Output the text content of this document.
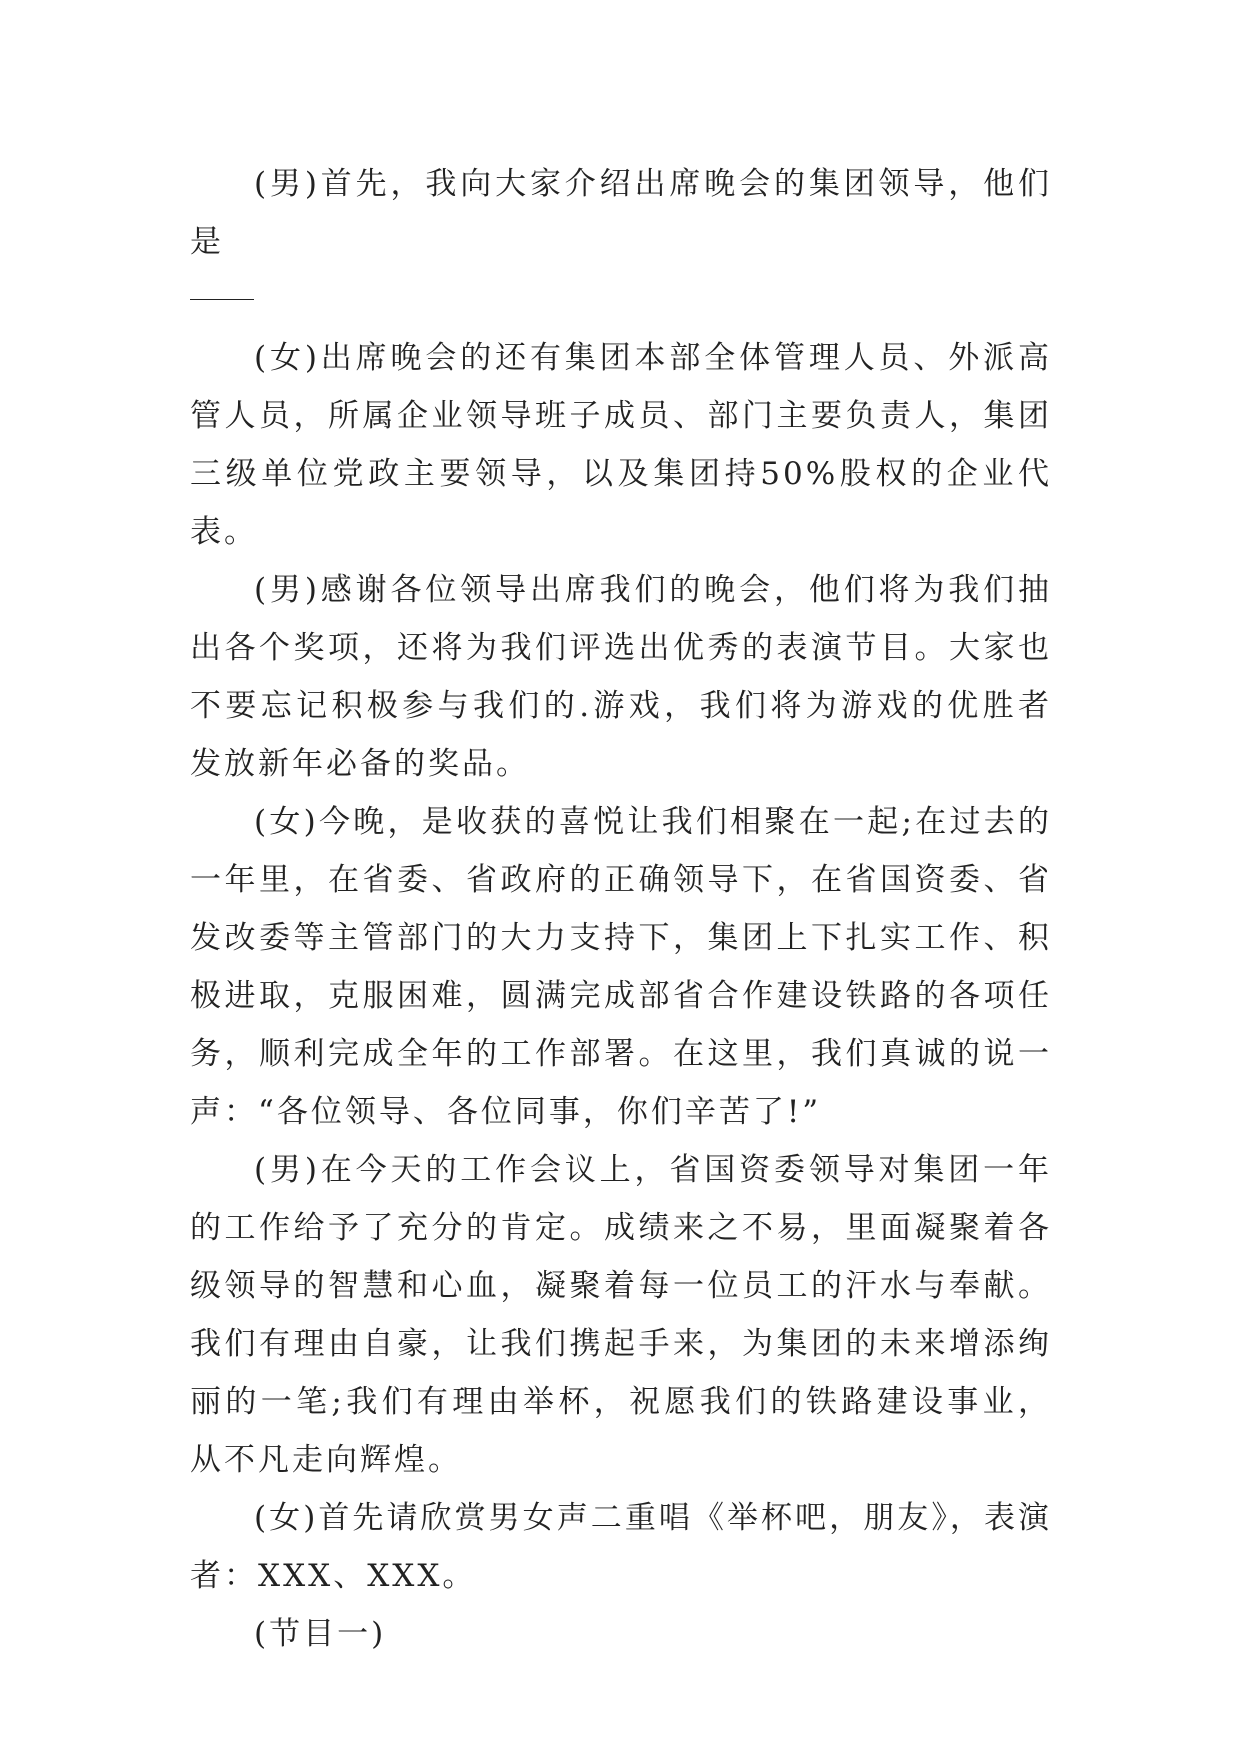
(男)首先，我向大家介绍出席晚会的集团领导，他们是

(女)出席晚会的还有集团本部全体管理人员、外派高管人员，所属企业领导班子成员、部门主要负责人，集团三级单位党政主要领导，以及集团持50%股权的企业代表。

(男)感谢各位领导出席我们的晚会，他们将为我们抽出各个奖项，还将为我们评选出优秀的表演节目。大家也不要忘记积极参与我们的.游戏，我们将为游戏的优胜者发放新年必备的奖品。

(女)今晚，是收获的喜悦让我们相聚在一起;在过去的一年里，在省委、省政府的正确领导下，在省国资委、省发改委等主管部门的大力支持下，集团上下扎实工作、积极进取，克服困难，圆满完成部省合作建设铁路的各项任务，顺利完成全年的工作部署。在这里，我们真诚的说一声：“各位领导、各位同事，你们辛苦了!”

(男)在今天的工作会议上，省国资委领导对集团一年的工作给予了充分的肯定。成绩来之不易，里面凝聚着各级领导的智慧和心血，凝聚着每一位员工的汗水与奉献。我们有理由自豪，让我们携起手来，为集团的未来增添绚丽的一笔;我们有理由举杯，祝愿我们的铁路建设事业，从不凡走向辉煌。

(女)首先请欣赏男女声二重唱《举杯吧，朋友》，表演者：XXX、XXX。

(节目一)
